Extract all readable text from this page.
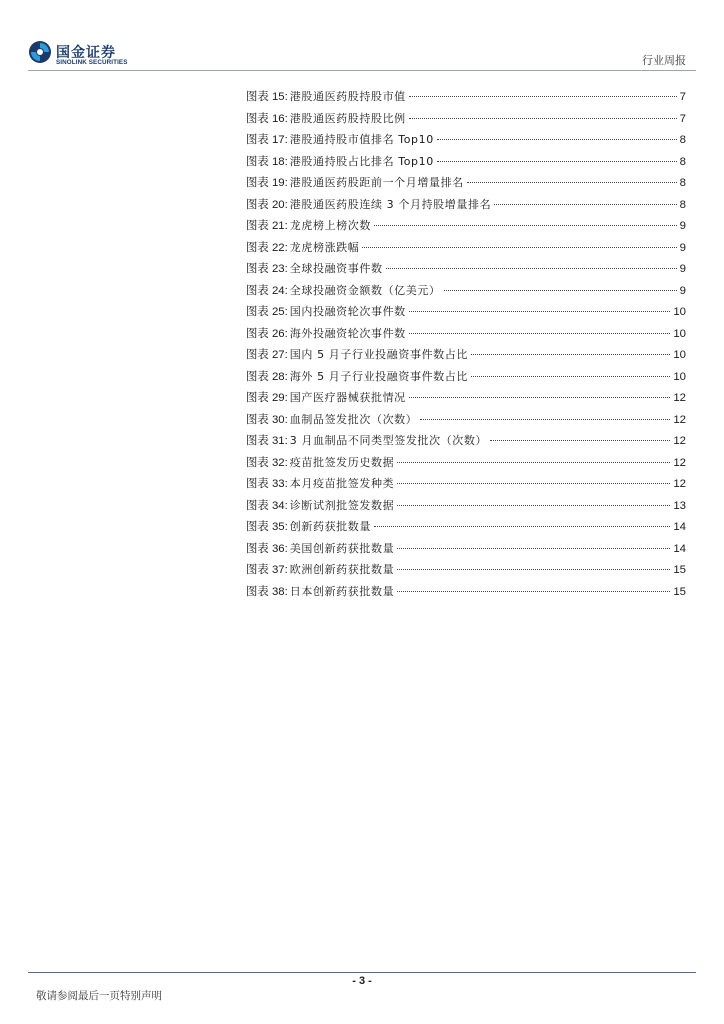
国金证券
SINOLINK SECURITIES	行业周报
图表 15: 港股通医药股持股市值	7
图表 16: 港股通医药股持股比例	7
图表 17: 港股通持股市值排名 Top10	8
图表 18: 港股通持股占比排名 Top10	8
图表 19: 港股通医药股距前一个月增量排名	8
图表 20: 港股通医药股连续 3 个月持股增量排名	8
图表 21: 龙虎榜上榜次数	9
图表 22: 龙虎榜涨跌幅	9
图表 23: 全球投融资事件数	9
图表 24: 全球投融资金额数（亿美元）	9
图表 25: 国内投融资轮次事件数	10
图表 26: 海外投融资轮次事件数	10
图表 27: 国内 5 月子行业投融资事件数占比	10
图表 28: 海外 5 月子行业投融资事件数占比	10
图表 29: 国产医疗器械获批情况	12
图表 30: 血制品签发批次（次数）	12
图表 31: 3 月血制品不同类型签发批次（次数）	12
图表 32: 疫苗批签发历史数据	12
图表 33: 本月疫苗批签发种类	12
图表 34: 诊断试剂批签发数据	13
图表 35: 创新药获批数量	14
图表 36: 美国创新药获批数量	14
图表 37: 欧洲创新药获批数量	15
图表 38: 日本创新药获批数量	15
- 3 -
敬请参阅最后一页特别声明
